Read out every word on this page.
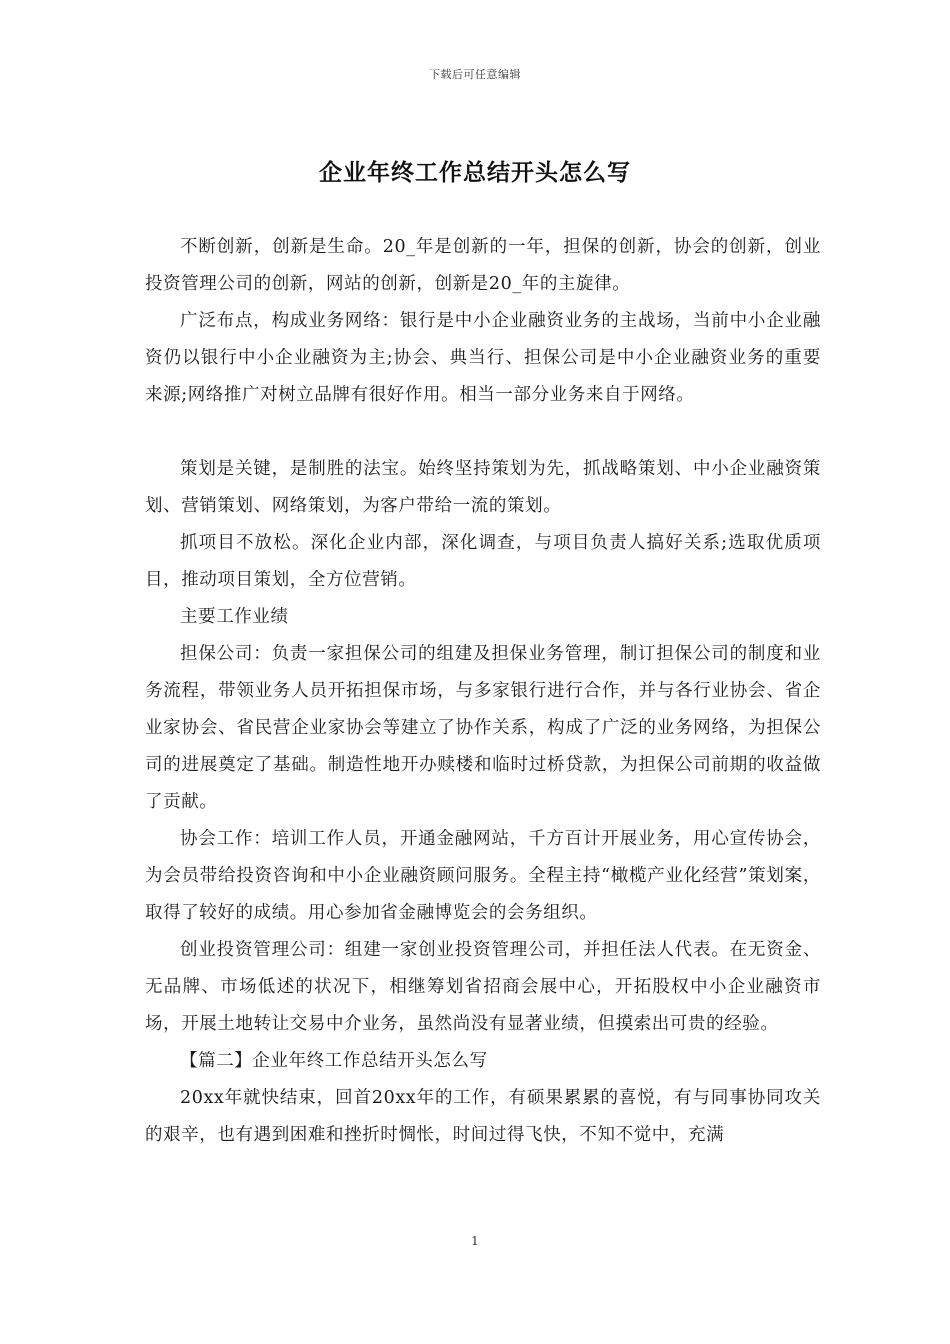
下载后可任意编辑
企业年终工作总结开头怎么写

不断创新，创新是生命。20_年是创新的一年，担保的创新，协会的创新，创业投资管理公司的创新，网站的创新，创新是20_年的主旋律。

广泛布点，构成业务网络：银行是中小企业融资业务的主战场，当前中小企业融资仍以银行中小企业融资为主;协会、典当行、担保公司是中小企业融资业务的重要来源;网络推广对树立品牌有很好作用。相当一部分业务来自于网络。

策划是关键，是制胜的法宝。始终坚持策划为先，抓战略策划、中小企业融资策划、营销策划、网络策划，为客户带给一流的策划。

抓项目不放松。深化企业内部，深化调查，与项目负责人搞好关系;选取优质项目，推动项目策划，全方位营销。

主要工作业绩

担保公司：负责一家担保公司的组建及担保业务管理，制订担保公司的制度和业务流程，带领业务人员开拓担保市场，与多家银行进行合作，并与各行业协会、省企业家协会、省民营企业家协会等建立了协作关系，构成了广泛的业务网络，为担保公司的进展奠定了基础。制造性地开办赎楼和临时过桥贷款，为担保公司前期的收益做了贡献。

协会工作：培训工作人员，开通金融网站，千方百计开展业务，用心宣传协会，为会员带给投资咨询和中小企业融资顾问服务。全程主持“橄榄产业化经营”策划案，取得了较好的成绩。用心参加省金融博览会的会务组织。

创业投资管理公司：组建一家创业投资管理公司，并担任法人代表。在无资金、无品牌、市场低述的状况下，相继筹划省招商会展中心，开拓股权中小企业融资市场，开展土地转让交易中介业务，虽然尚没有显著业绩，但摸索出可贵的经验。

【篇二】企业年终工作总结开头怎么写

20xx年就快结束，回首20xx年的工作，有硕果累累的喜悦，有与同事协同攻关的艰辛，也有遇到困难和挫折时惆怅，时间过得飞快，不知不觉中，充满

1
